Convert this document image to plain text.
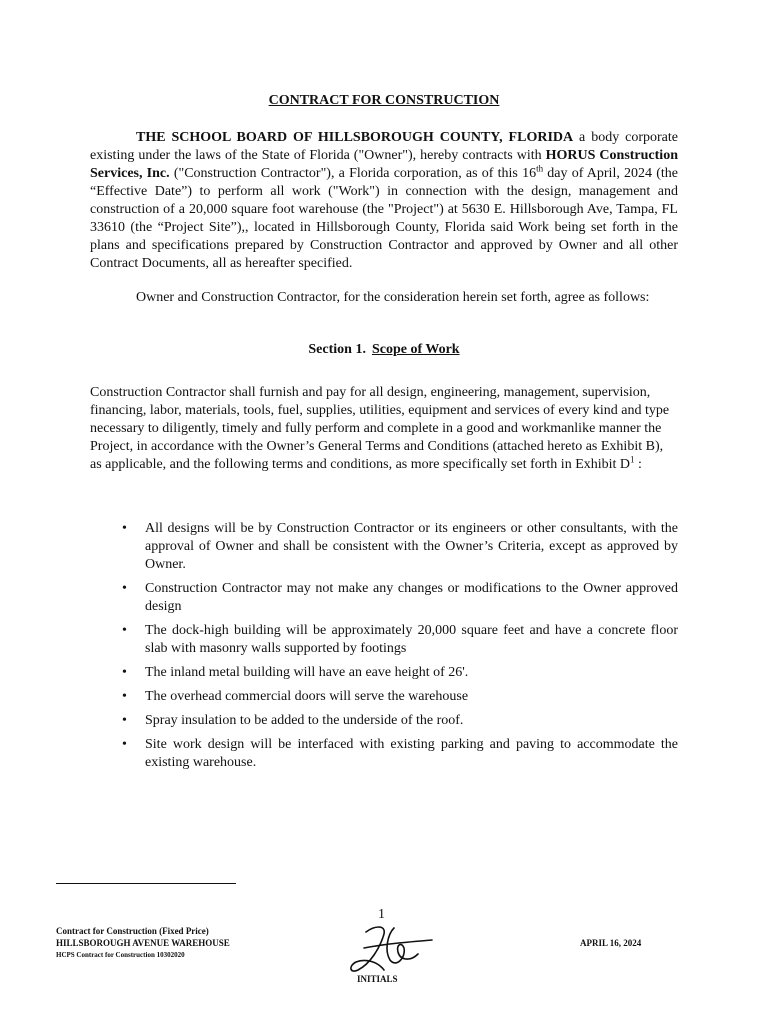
CONTRACT FOR CONSTRUCTION

THE SCHOOL BOARD OF HILLSBOROUGH COUNTY, FLORIDA a body corporate existing under the laws of the State of Florida ("Owner"), hereby contracts with HORUS Construction Services, Inc. ("Construction Contractor"), a Florida corporation, as of this 16th day of April, 2024 (the “Effective Date”) to perform all work ("Work") in connection with the design, management and construction of a 20,000 square foot warehouse (the "Project") at 5630 E. Hillsborough Ave, Tampa, FL 33610 (the “Project Site”),, located in Hillsborough County, Florida said Work being set forth in the plans and specifications prepared by Construction Contractor and approved by Owner and all other Contract Documents, all as hereafter specified.

Owner and Construction Contractor, for the consideration herein set forth, agree as follows:

Section 1. Scope of Work

Construction Contractor shall furnish and pay for all design, engineering, management, supervision, financing, labor, materials, tools, fuel, supplies, utilities, equipment and services of every kind and type necessary to diligently, timely and fully perform and complete in a good and workmanlike manner the Project, in accordance with the Owner’s General Terms and Conditions (attached hereto as Exhibit B), as applicable, and the following terms and conditions, as more specifically set forth in Exhibit $D^1$ :

• All designs will be by Construction Contractor or its engineers or other consultants, with the approval of Owner and shall be consistent with the Owner’s Criteria, except as approved by Owner.
• Construction Contractor may not make any changes or modifications to the Owner approved design
• The dock-high building will be approximately 20,000 square feet and have a concrete floor slab with masonry walls supported by footings
• The inland metal building will have an eave height of 26'.
• The overhead commercial doors will serve the warehouse
• Spray insulation to be added to the underside of the roof.
• Site work design will be interfaced with existing parking and paving to accommodate the existing warehouse.
1
Contract for Construction (Fixed Price)
HILLSBOROUGH AVENUE WAREHOUSE
HCPS Contract for Construction 10302020
INITIALS
APRIL 16, 2024
